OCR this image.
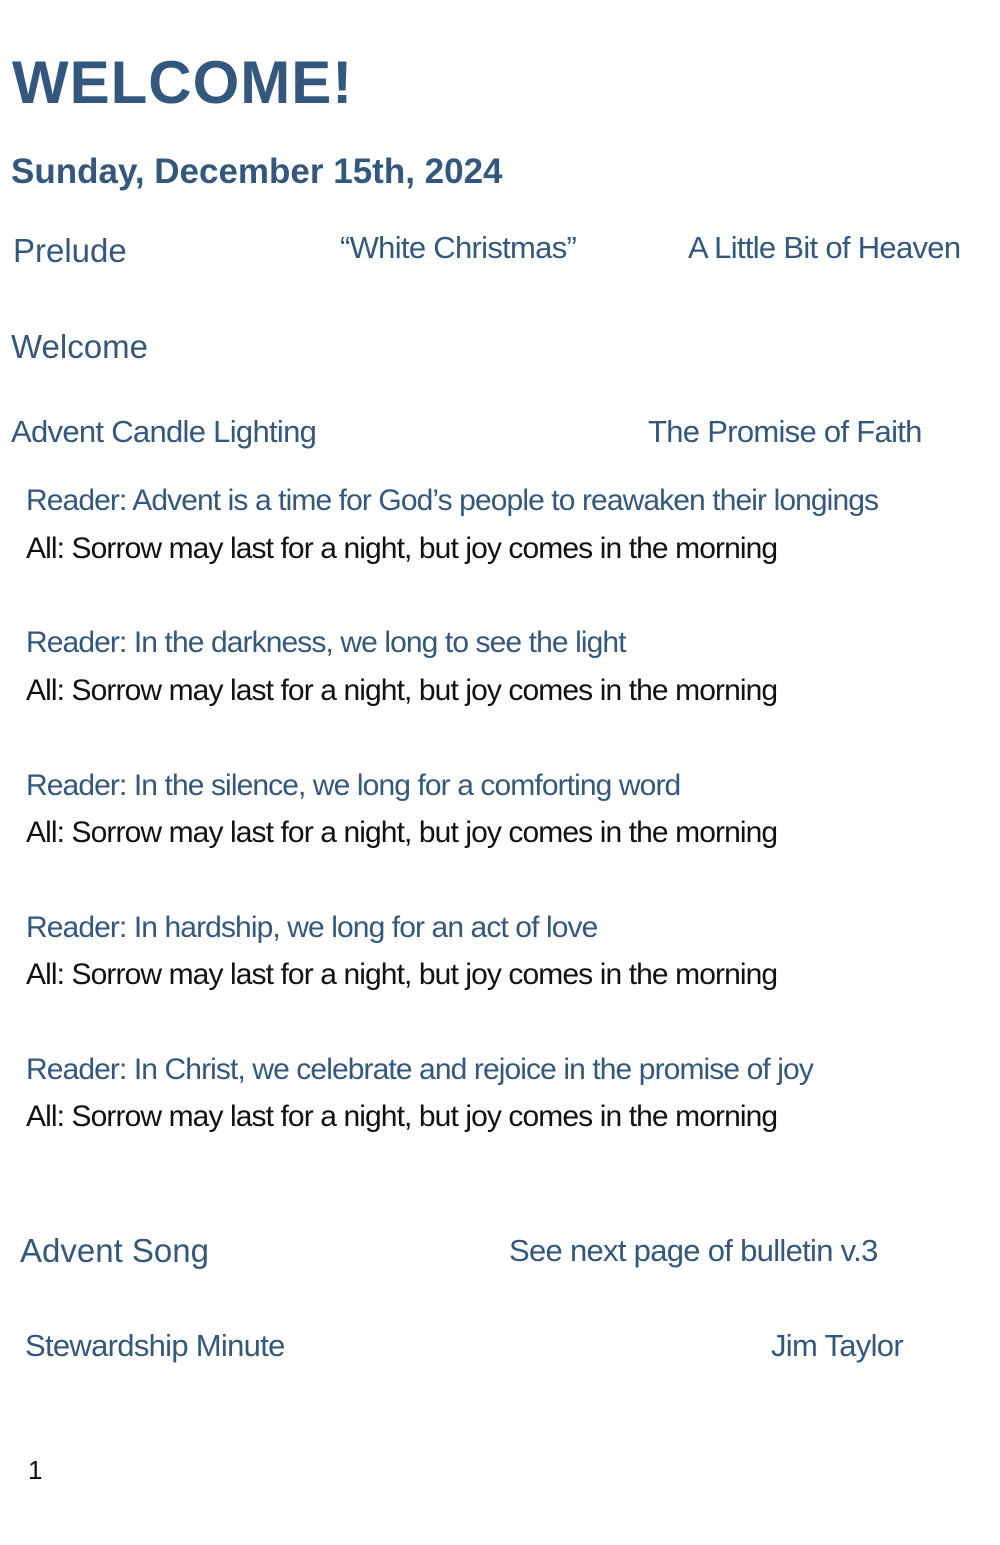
WELCOME!
Sunday, December 15th, 2024
Prelude	“White Christmas”	A Little Bit of Heaven
Welcome
Advent Candle Lighting	The Promise of Faith
Reader: Advent is a time for God’s people to reawaken their longings
All: Sorrow may last for a night, but joy comes in the morning
Reader: In the darkness, we long to see the light
All: Sorrow may last for a night, but joy comes in the morning
Reader: In the silence, we long for a comforting word
All: Sorrow may last for a night, but joy comes in the morning
Reader: In hardship, we long for an act of love
All: Sorrow may last for a night, but joy comes in the morning
Reader: In Christ, we celebrate and rejoice in the promise of joy
All: Sorrow may last for a night, but joy comes in the morning
Advent Song	See next page of bulletin v.3
Stewardship Minute	Jim Taylor
1
